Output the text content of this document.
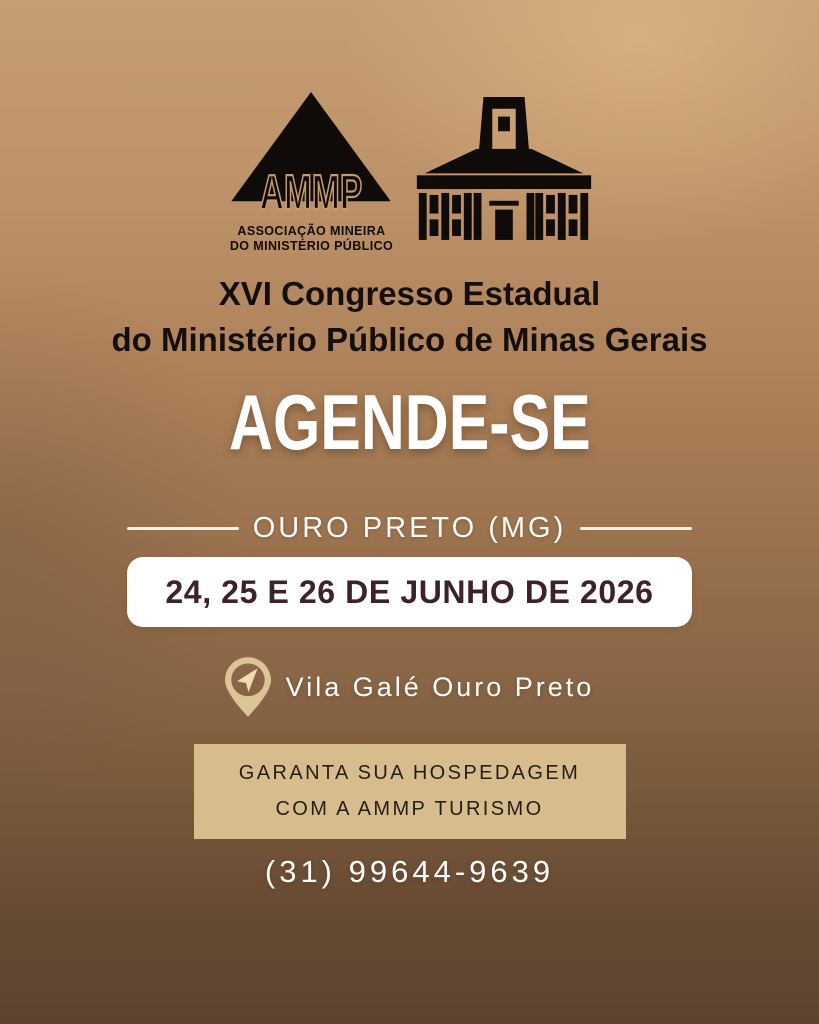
AMMP
ASSOCIAÇÃO MINEIRA
DO MINISTÉRIO PÚBLICO
XVI Congresso Estadual
do Ministério Público de Minas Gerais
AGENDE-SE
OURO PRETO (MG)
24, 25 E 26 DE JUNHO DE 2026
Vila Galé Ouro Preto
GARANTA SUA HOSPEDAGEM
COM A AMMP TURISMO
(31) 99644-9639
